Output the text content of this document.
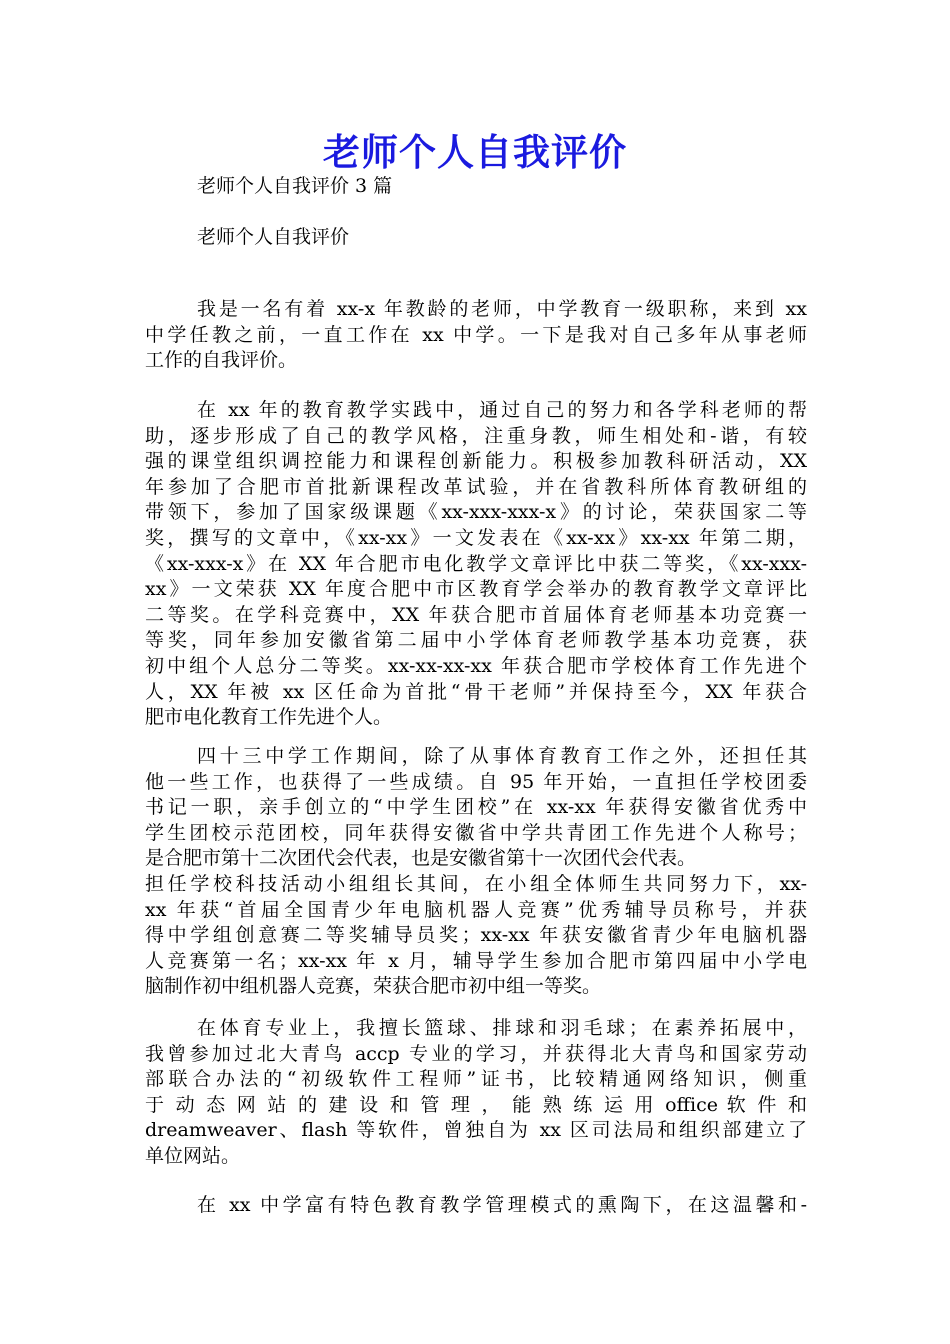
老师个人自我评价
老师个人自我评价 3 篇
老师个人自我评价
我是一名有着 xx-x 年教龄的老师，中学教育一级职称，来到 xx
中学任教之前，一直工作在 xx 中学。一下是我对自己多年从事老师
工作的自我评价。
在 xx 年的教育教学实践中，通过自己的努力和各学科老师的帮
助，逐步形成了自己的教学风格，注重身教，师生相处和-谐，有较
强的课堂组织调控能力和课程创新能力。积极参加教科研活动，XX
年参加了合肥市首批新课程改革试验，并在省教科所体育教研组的
带领下，参加了国家级课题《xx-xxx-xxx-x》的讨论，荣获国家二等
奖，撰写的文章中，《xx-xx》一文发表在《xx-xx》xx-xx 年第二期，
《xx-xxx-x》在 XX 年合肥市电化教学文章评比中获二等奖，《xx-xxx-
xx》一文荣获 XX 年度合肥中市区教育学会举办的教育教学文章评比
二等奖。在学科竞赛中，XX 年获合肥市首届体育老师基本功竞赛一
等奖，同年参加安徽省第二届中小学体育老师教学基本功竞赛，获
初中组个人总分二等奖。xx-xx-xx-xx 年获合肥市学校体育工作先进个
人，XX 年被 xx 区任命为首批“骨干老师”并保持至今，XX 年获合
肥市电化教育工作先进个人。
四十三中学工作期间，除了从事体育教育工作之外，还担任其
他一些工作，也获得了一些成绩。自 95 年开始，一直担任学校团委
书记一职，亲手创立的“中学生团校”在 xx-xx 年获得安徽省优秀中
学生团校示范团校，同年获得安徽省中学共青团工作先进个人称号；
是合肥市第十二次团代会代表，也是安徽省第十一次团代会代表。
担任学校科技活动小组组长其间，在小组全体师生共同努力下，xx-
xx 年获“首届全国青少年电脑机器人竞赛”优秀辅导员称号，并获
得中学组创意赛二等奖辅导员奖；xx-xx 年获安徽省青少年电脑机器
人竞赛第一名；xx-xx 年 x 月，辅导学生参加合肥市第四届中小学电
脑制作初中组机器人竞赛，荣获合肥市初中组一等奖。
在体育专业上，我擅长篮球、排球和羽毛球；在素养拓展中，
我曾参加过北大青鸟 accp 专业的学习，并获得北大青鸟和国家劳动
部联合办法的“初级软件工程师”证书，比较精通网络知识，侧重
于 动 态 网 站 的 建 设 和 管 理 ， 能 熟 练 运 用 office 软 件 和
dreamweaver、flash 等软件，曾独自为 xx 区司法局和组织部建立了
单位网站。
在 xx 中学富有特色教育教学管理模式的熏陶下，在这温馨和-
